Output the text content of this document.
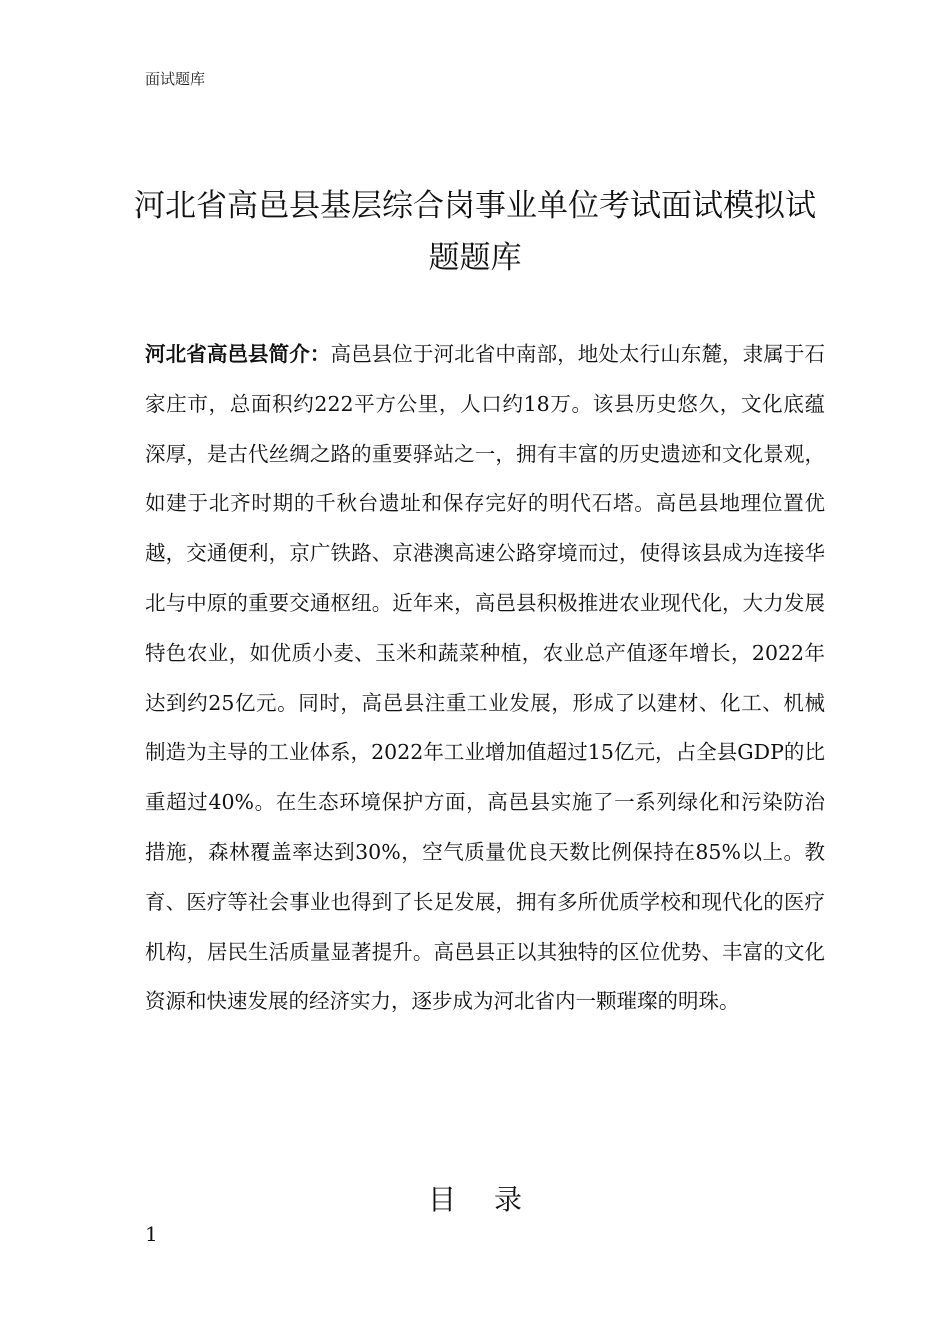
面试题库
河北省高邑县基层综合岗事业单位考试面试模拟试题题库
河北省高邑县简介：高邑县位于河北省中南部，地处太行山东麓，隶属于石家庄市，总面积约222平方公里，人口约18万。该县历史悠久，文化底蕴深厚，是古代丝绸之路的重要驿站之一，拥有丰富的历史遗迹和文化景观，如建于北齐时期的千秋台遗址和保存完好的明代石塔。高邑县地理位置优越，交通便利，京广铁路、京港澳高速公路穿境而过，使得该县成为连接华北与中原的重要交通枢纽。近年来，高邑县积极推进农业现代化，大力发展特色农业，如优质小麦、玉米和蔬菜种植，农业总产值逐年增长，2022年达到约25亿元。同时，高邑县注重工业发展，形成了以建材、化工、机械制造为主导的工业体系，2022年工业增加值超过15亿元，占全县GDP的比重超过40%。在生态环境保护方面，高邑县实施了一系列绿化和污染防治措施，森林覆盖率达到30%，空气质量优良天数比例保持在85%以上。教育、医疗等社会事业也得到了长足发展，拥有多所优质学校和现代化的医疗机构，居民生活质量显著提升。高邑县正以其独特的区位优势、丰富的文化资源和快速发展的经济实力，逐步成为河北省内一颗璀璨的明珠。
目录
1
